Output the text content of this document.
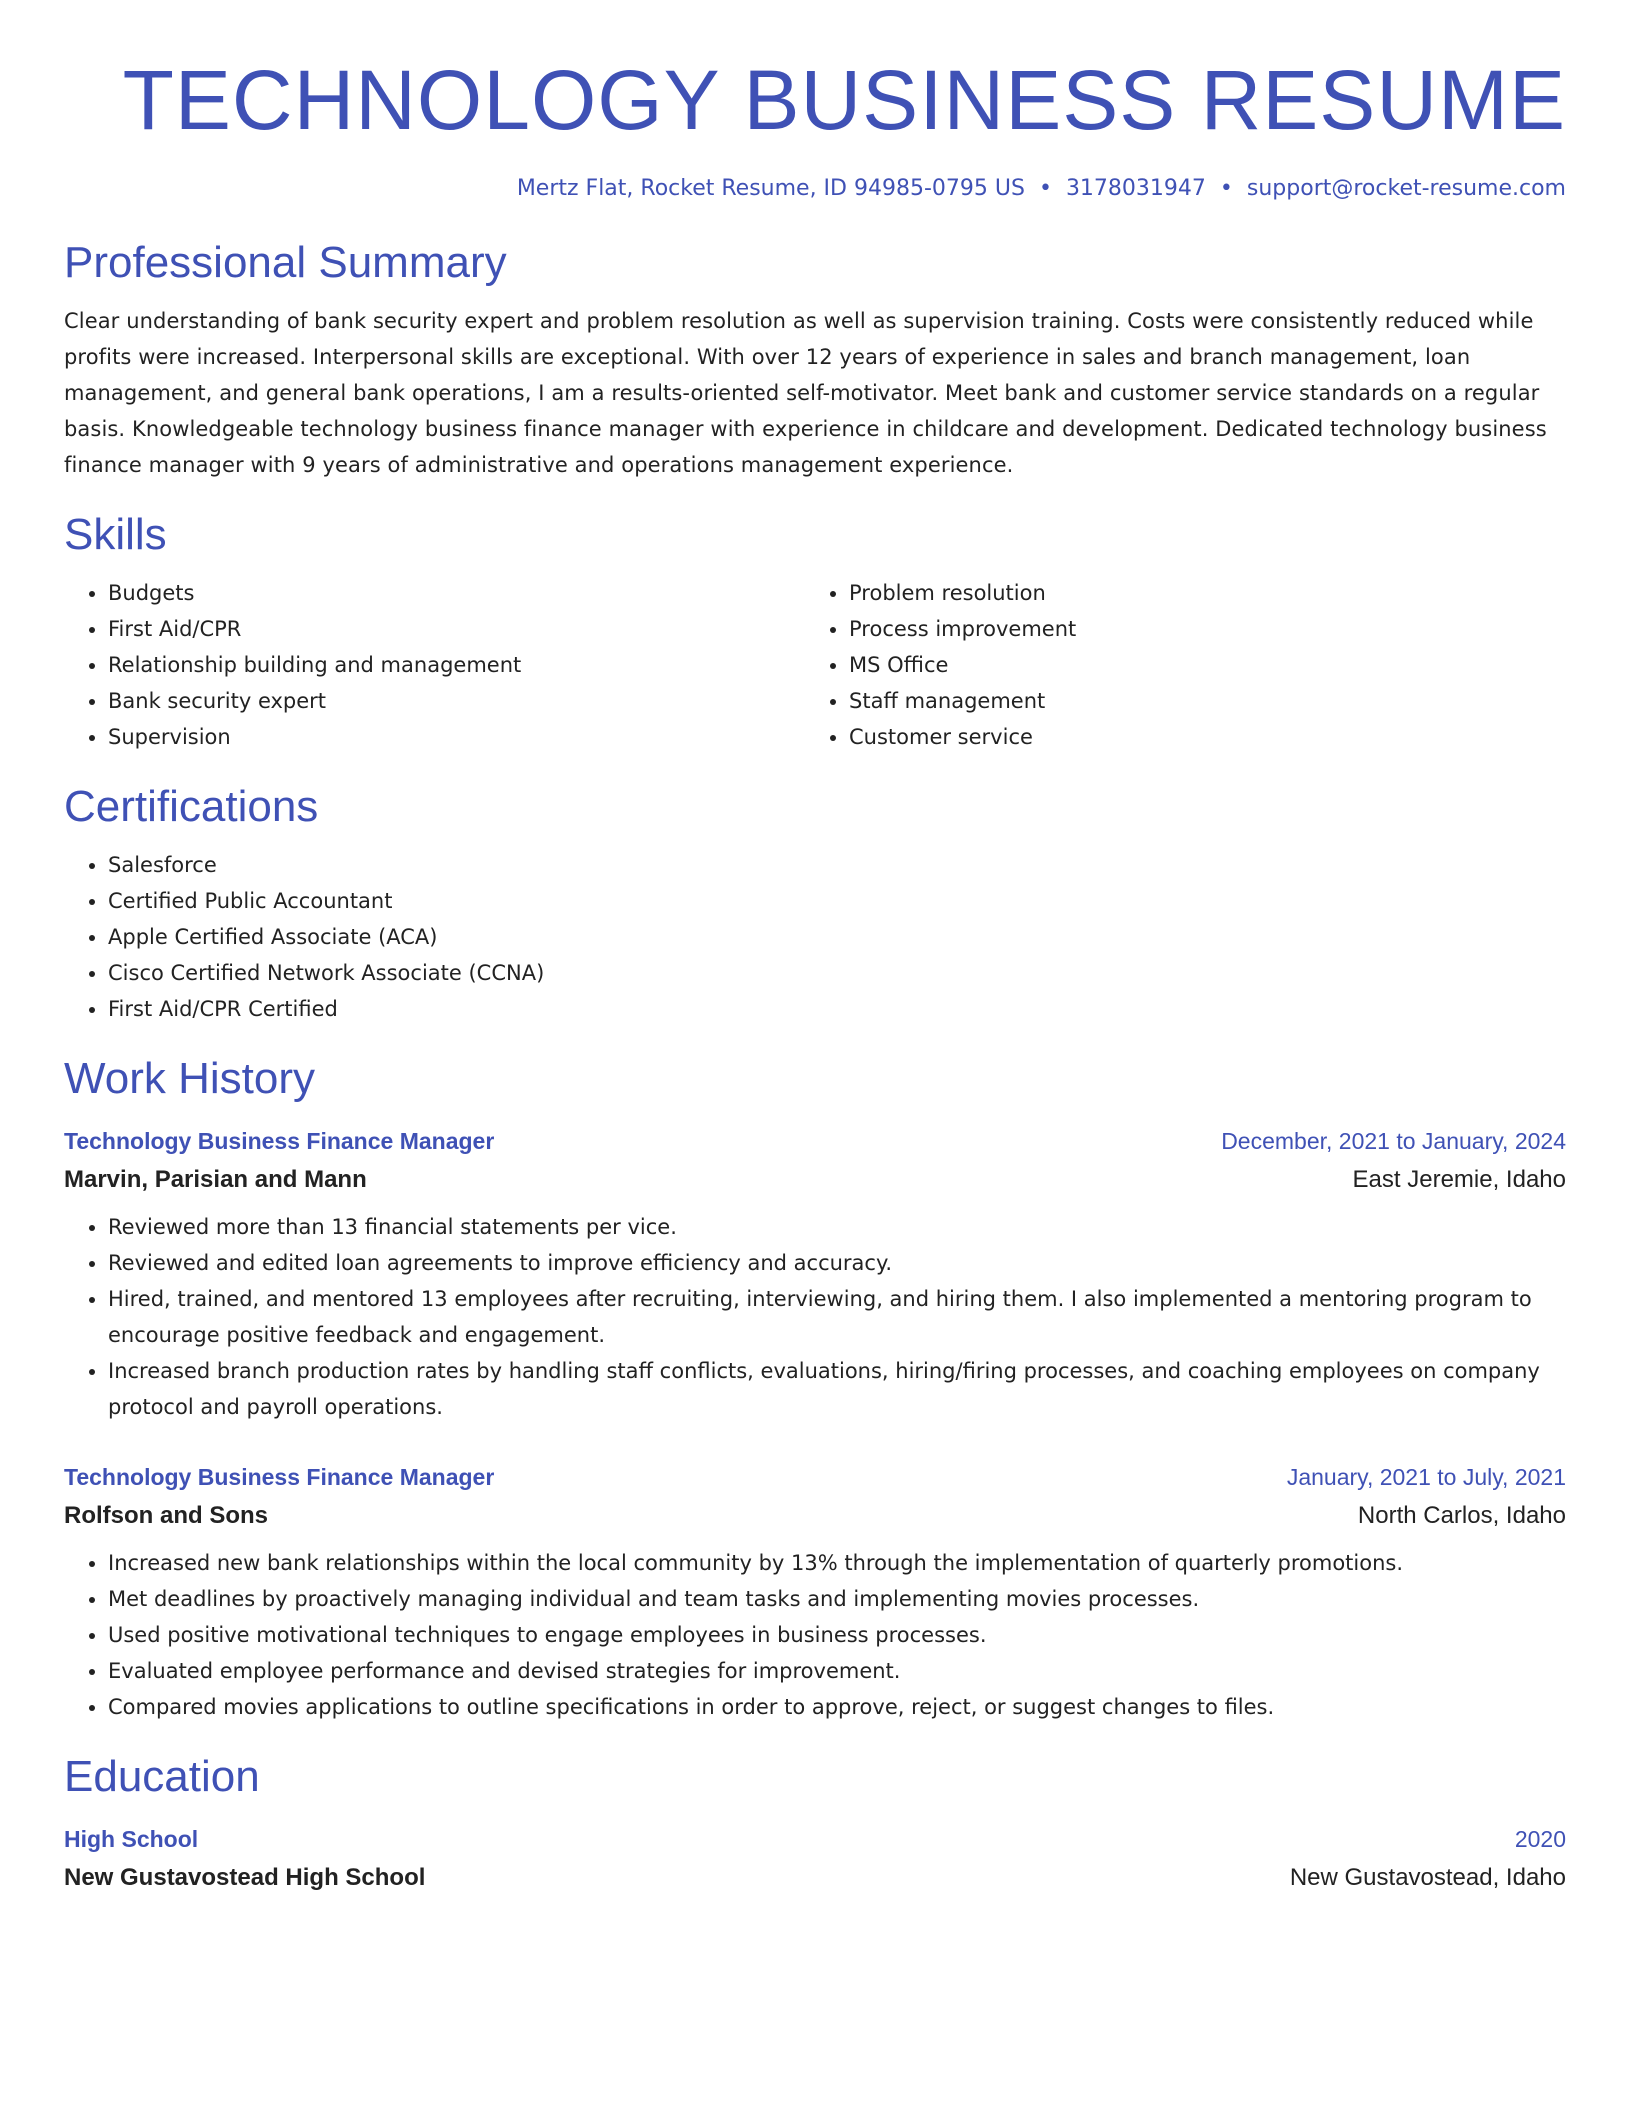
TECHNOLOGY BUSINESS RESUME
Mertz Flat, Rocket Resume, ID 94985-0795 US • 3178031947 • support@rocket-resume.com
Professional Summary
Clear understanding of bank security expert and problem resolution as well as supervision training. Costs were consistently reduced while profits were increased. Interpersonal skills are exceptional. With over 12 years of experience in sales and branch management, loan management, and general bank operations, I am a results-oriented self-motivator. Meet bank and customer service standards on a regular basis. Knowledgeable technology business finance manager with experience in childcare and development. Dedicated technology business finance manager with 9 years of administrative and operations management experience.
Skills
• Budgets
• First Aid/CPR
• Relationship building and management
• Bank security expert
• Supervision
• Problem resolution
• Process improvement
• MS Office
• Staff management
• Customer service
Certifications
• Salesforce
• Certified Public Accountant
• Apple Certified Associate (ACA)
• Cisco Certified Network Associate (CCNA)
• First Aid/CPR Certified
Work History
Technology Business Finance Manager	December, 2021 to January, 2024
Marvin, Parisian and Mann	East Jeremie, Idaho
• Reviewed more than 13 financial statements per vice.
• Reviewed and edited loan agreements to improve efficiency and accuracy.
• Hired, trained, and mentored 13 employees after recruiting, interviewing, and hiring them. I also implemented a mentoring program to encourage positive feedback and engagement.
• Increased branch production rates by handling staff conflicts, evaluations, hiring/firing processes, and coaching employees on company protocol and payroll operations.
Technology Business Finance Manager	January, 2021 to July, 2021
Rolfson and Sons	North Carlos, Idaho
• Increased new bank relationships within the local community by 13% through the implementation of quarterly promotions.
• Met deadlines by proactively managing individual and team tasks and implementing movies processes.
• Used positive motivational techniques to engage employees in business processes.
• Evaluated employee performance and devised strategies for improvement.
• Compared movies applications to outline specifications in order to approve, reject, or suggest changes to files.
Education
High School	2020
New Gustavostead High School	New Gustavostead, Idaho
